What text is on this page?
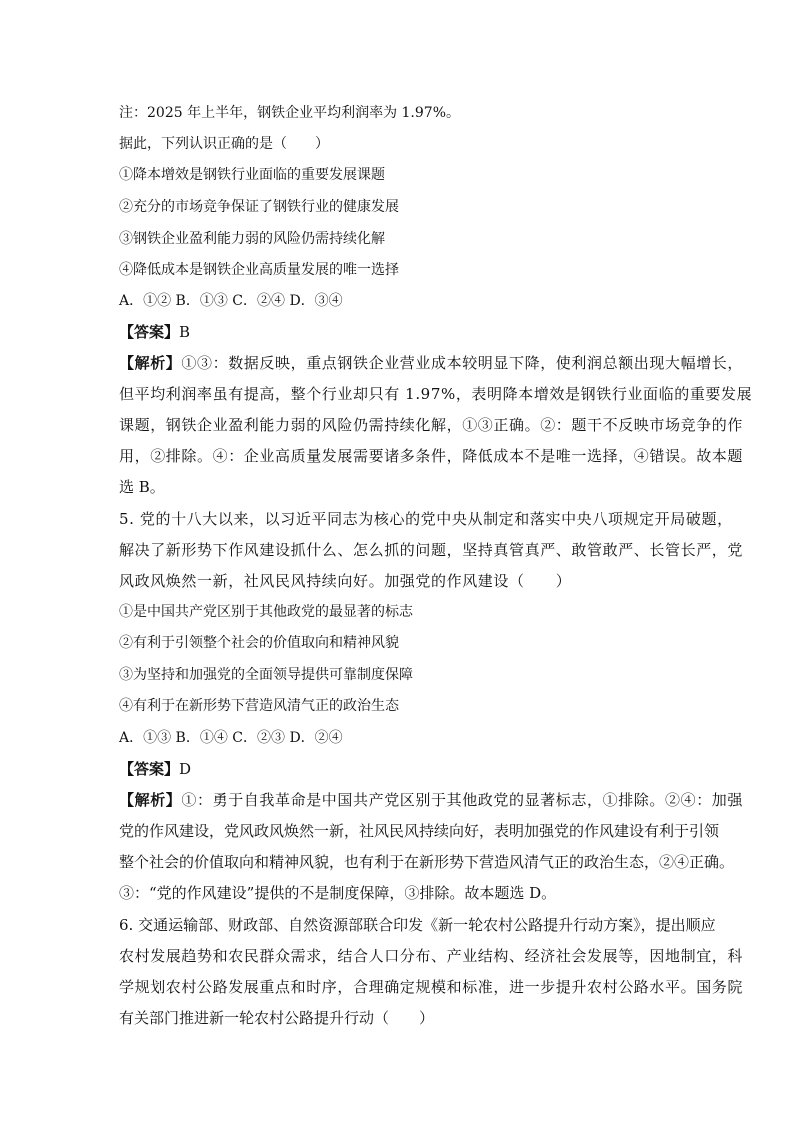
注：2025 年上半年，钢铁企业平均利润率为 1.97%。
据此，下列认识正确的是（　　）
①降本增效是钢铁行业面临的重要发展课题
②充分的市场竞争保证了钢铁行业的健康发展
③钢铁企业盈利能力弱的风险仍需持续化解
④降低成本是钢铁企业高质量发展的唯一选择
A．①② B．①③ C．②④ D．③④
【答案】B
【解析】①③：数据反映，重点钢铁企业营业成本较明显下降，使利润总额出现大幅增长，
但平均利润率虽有提高，整个行业却只有 1.97%，表明降本增效是钢铁行业面临的重要发展
课题，钢铁企业盈利能力弱的风险仍需持续化解，①③正确。②：题干不反映市场竞争的作
用，②排除。④：企业高质量发展需要诸多条件，降低成本不是唯一选择，④错误。故本题
选 B。
5. 党的十八大以来，以习近平同志为核心的党中央从制定和落实中央八项规定开局破题，
解决了新形势下作风建设抓什么、怎么抓的问题，坚持真管真严、敢管敢严、长管长严，党
风政风焕然一新，社风民风持续向好。加强党的作风建设（　　）
①是中国共产党区别于其他政党的最显著的标志
②有利于引领整个社会的价值取向和精神风貌
③为坚持和加强党的全面领导提供可靠制度保障
④有利于在新形势下营造风清气正的政治生态
A．①③ B．①④ C．②③ D．②④
【答案】D
【解析】①：勇于自我革命是中国共产党区别于其他政党的显著标志，①排除。②④：加强
党的作风建设，党风政风焕然一新，社风民风持续向好，表明加强党的作风建设有利于引领
整个社会的价值取向和精神风貌，也有利于在新形势下营造风清气正的政治生态，②④正确。
③：“党的作风建设”提供的不是制度保障，③排除。故本题选 D。
6. 交通运输部、财政部、自然资源部联合印发《新一轮农村公路提升行动方案》，提出顺应
农村发展趋势和农民群众需求，结合人口分布、产业结构、经济社会发展等，因地制宜，科
学规划农村公路发展重点和时序，合理确定规模和标准，进一步提升农村公路水平。国务院
有关部门推进新一轮农村公路提升行动（　　）
